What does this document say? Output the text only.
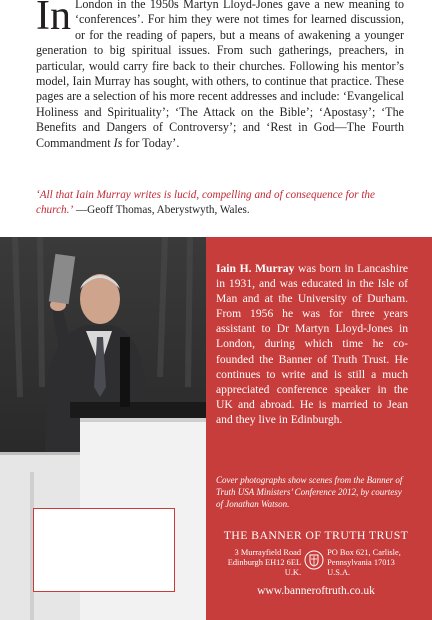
In London in the 1950s Martyn Lloyd-Jones gave a new meaning to ‘conferences’. For him they were not times for learned discussion, or for the reading of papers, but a means of awakening a younger generation to big spiritual issues. From such gatherings, preachers, in particular, would carry fire back to their churches. Following his mentor’s model, Iain Murray has sought, with others, to continue that practice. These pages are a selection of his more recent addresses and include: ‘Evangelical Holiness and Spirituality’; ‘The Attack on the Bible’; ‘Apostasy’; ‘The Benefits and Dangers of Controversy’; and ‘Rest in God—The Fourth Commandment Is for Today’.
‘All that Iain Murray writes is lucid, compelling and of consequence for the church.’ —Geoff Thomas, Aberystwyth, Wales.
Iain H. Murray was born in Lancashire in 1931, and was educated in the Isle of Man and at the University of Durham. From 1956 he was for three years assistant to Dr Martyn Lloyd-Jones in London, during which time he co-founded the Banner of Truth Trust. He continues to write and is still a much appreciated conference speaker in the UK and abroad. He is married to Jean and they live in Edinburgh.
Cover photographs show scenes from the Banner of Truth USA Ministers’ Conference 2012, by courtesy of Jonathan Watson.
THE BANNER OF TRUTH TRUST
3 Murrayfield Road
Edinburgh EH12 6EL
U.K.
PO Box 621, Carlisle,
Pennsylvania 17013
U.S.A.
www.banneroftruth.co.uk
